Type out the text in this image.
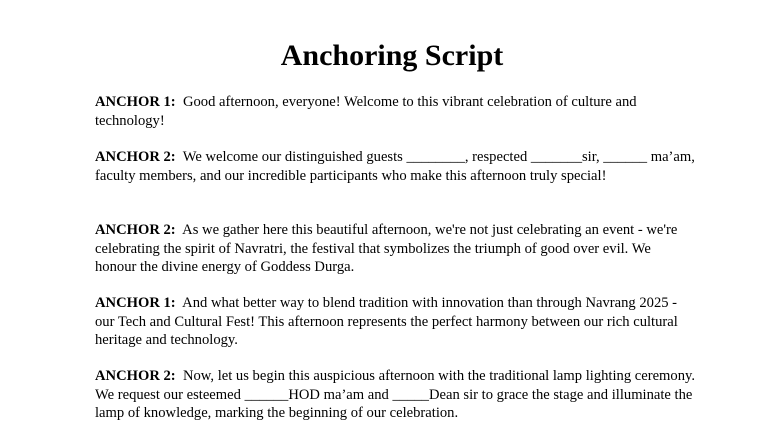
Anchoring Script

ANCHOR 1: Good afternoon, everyone! Welcome to this vibrant celebration of culture and technology!

ANCHOR 2: We welcome our distinguished guests ________, respected _______sir, ______ ma’am, faculty members, and our incredible participants who make this afternoon truly special!

ANCHOR 2: As we gather here this beautiful afternoon, we're not just celebrating an event - we're celebrating the spirit of Navratri, the festival that symbolizes the triumph of good over evil. We honour the divine energy of Goddess Durga.

ANCHOR 1: And what better way to blend tradition with innovation than through Navrang 2025 - our Tech and Cultural Fest! This afternoon represents the perfect harmony between our rich cultural heritage and technology.

ANCHOR 2: Now, let us begin this auspicious afternoon with the traditional lamp lighting ceremony. We request our esteemed ______HOD ma’am and _____Dean sir to grace the stage and illuminate the lamp of knowledge, marking the beginning of our celebration.
